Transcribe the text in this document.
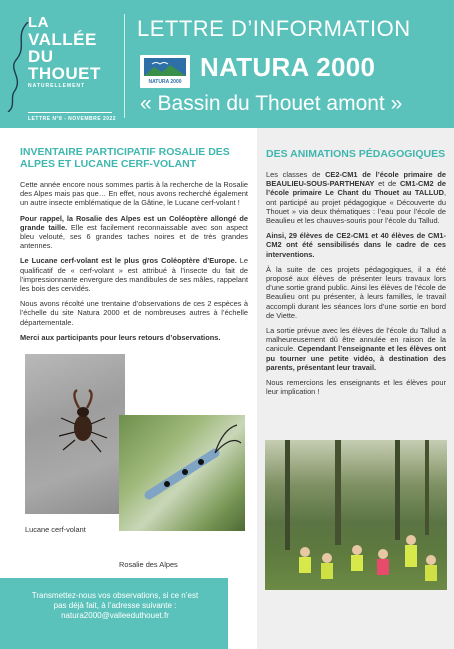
LA
VALLÉE
DU
THOUET
NATURELLEMENT
LETTRE N°8 - NOVEMBRE 2022
LETTRE D’INFORMATION
NATURA 2000 NATURA 2000
« Bassin du Thouet amont »
INVENTAIRE PARTICIPATIF ROSALIE DES ALPES ET LUCANE CERF-VOLANT

Cette année encore nous sommes partis à la recherche de la Rosalie des Alpes mais pas que… En effet, nous avons recherché également un autre insecte emblématique de la Gâtine, le Lucane cerf-volant !

Pour rappel, la Rosalie des Alpes est un Coléoptère allongé de grande taille. Elle est facilement reconnaissable avec son aspect bleu velouté, ses 6 grandes taches noires et de très grandes antennes.

Le Lucane cerf-volant est le plus gros Coléoptère d’Europe. Le qualificatif de « cerf-volant » est attribué à l’insecte du fait de l’impressionnante envergure des mandibules de ses mâles, rappelant les bois des cervidés.

Nous avons récolté une trentaine d’observations de ces 2 espèces à l’échelle du site Natura 2000 et de nombreuses autres à l’échelle départementale.

Merci aux participants pour leurs retours d’observations.

Lucane cerf-volant
Rosalie des Alpes
Transmettez-nous vos observations, si ce n’est pas déjà fait, à l’adresse suivante : natura2000@valleeduthouet.fr
DES ANIMATIONS PÉDAGOGIQUES

Les classes de CE2-CM1 de l’école primaire de BEAULIEU-SOUS-PARTHENAY et de CM1-CM2 de l’école primaire Le Chant du Thouet au TALLUD, ont participé au projet pédagogique « Découverte du Thouet » via deux thématiques : l’eau pour l’école de Beaulieu et les chauves-souris pour l’école du Tallud.

Ainsi, 29 élèves de CE2-CM1 et 40 élèves de CM1-CM2 ont été sensibilisés dans le cadre de ces interventions.

À la suite de ces projets pédagogiques, il a été proposé aux élèves de présenter leurs travaux lors d’une sortie grand public. Ainsi les élèves de l’école de Beaulieu ont pu présenter, à leurs familles, le travail accompli durant les séances lors d’une sortie en bord de Viette.

La sortie prévue avec les élèves de l’école du Tallud a malheureusement dû être annulée en raison de la canicule. Cependant l’enseignante et les élèves ont pu tourner une petite vidéo, à destination des parents, présentant leur travail.

Nous remercions les enseignants et les élèves pour leur implication !
